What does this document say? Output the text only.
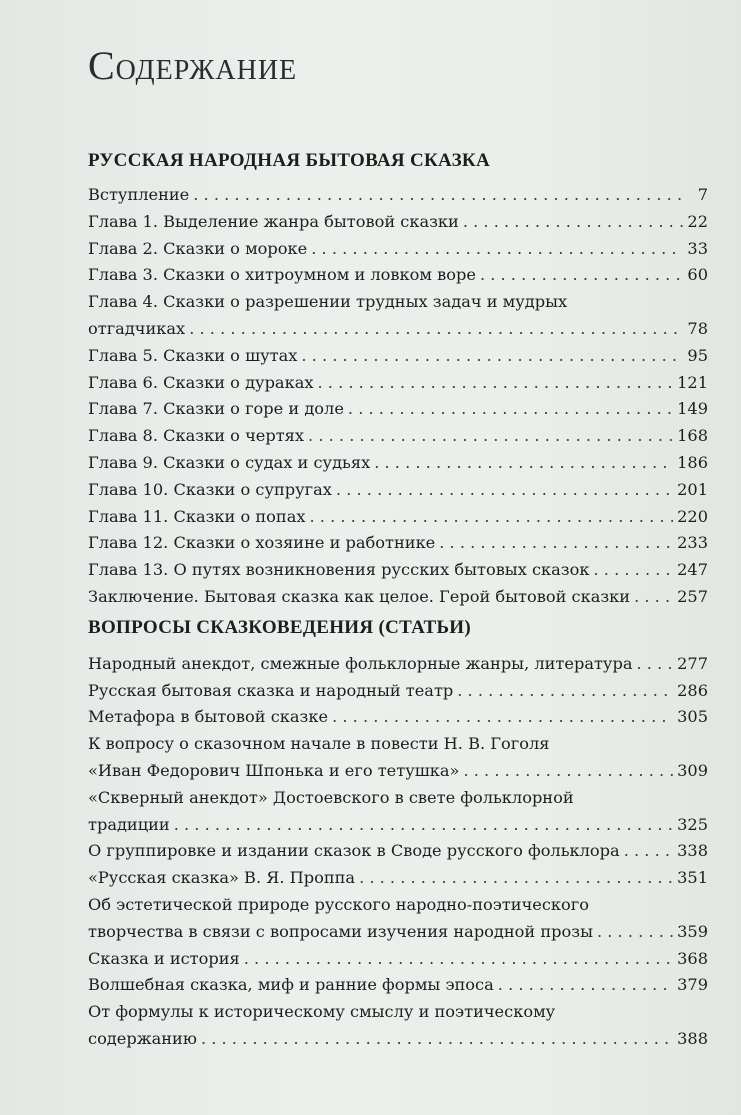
Содержание
РУССКАЯ НАРОДНАЯ БЫТОВАЯ СКАЗКА
Вступление . . .	7
Глава 1. Выделение жанра бытовой сказки . . .	22
Глава 2. Сказки о мороке . . .	33
Глава 3. Сказки о хитроумном и ловком воре . . .	60
Глава 4. Сказки о разрешении трудных задач и мудрых
отгадчиках . . .	78
Глава 5. Сказки о шутах . . .	95
Глава 6. Сказки о дураках . . .	121
Глава 7. Сказки о горе и доле . . .	149
Глава 8. Сказки о чертях . . .	168
Глава 9. Сказки о судах и судьях . . .	186
Глава 10. Сказки о супругах . . .	201
Глава 11. Сказки о попах . . .	220
Глава 12. Сказки о хозяине и работнике . . .	233
Глава 13. О путях возникновения русских бытовых сказок . . .	247
Заключение. Бытовая сказка как целое. Герой бытовой сказки . . .	257
ВОПРОСЫ СКАЗКОВЕДЕНИЯ (СТАТЬИ)
Народный анекдот, смежные фольклорные жанры, литература . . .	277
Русская бытовая сказка и народный театр . . .	286
Метафора в бытовой сказке . . .	305
К вопросу о сказочном начале в повести Н. В. Гоголя
«Иван Федорович Шпонька и его тетушка» . . .	309
«Скверный анекдот» Достоевского в свете фольклорной
традиции . . .	325
О группировке и издании сказок в Своде русского фольклора . . .	338
«Русская сказка» В. Я. Проппа . . .	351
Об эстетической природе русского народно-поэтического
творчества в связи с вопросами изучения народной прозы . . .	359
Сказка и история . . .	368
Волшебная сказка, миф и ранние формы эпоса . . .	379
От формулы к историческому смыслу и поэтическому
содержанию . . .	388
